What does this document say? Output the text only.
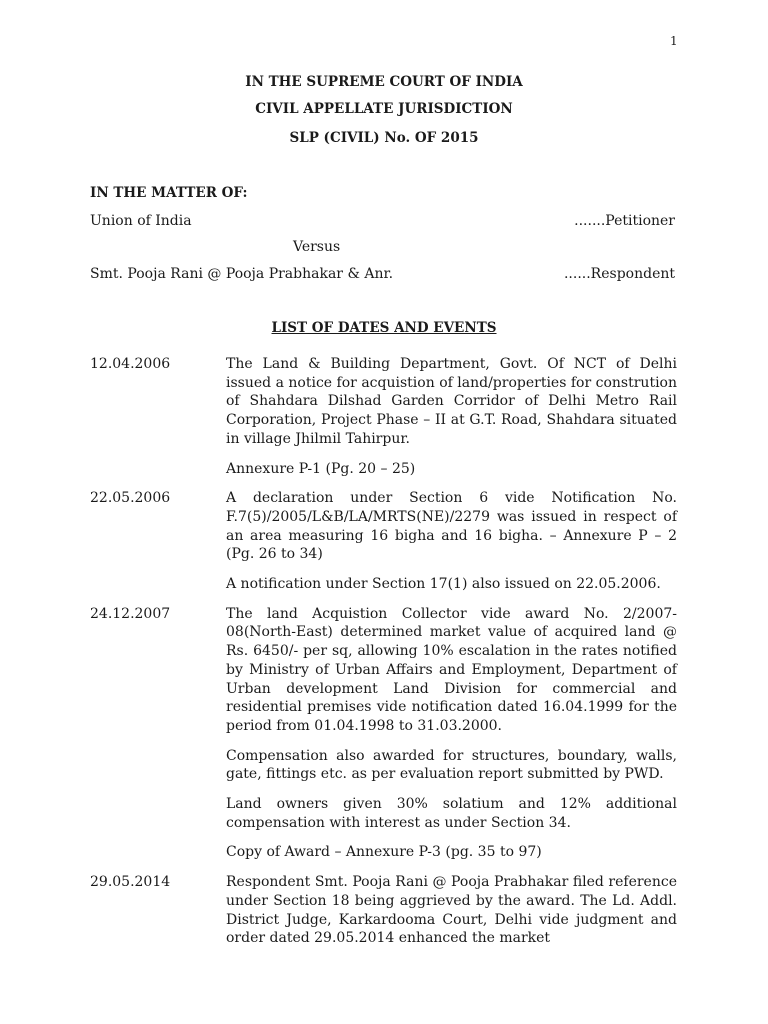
1
IN THE SUPREME COURT OF INDIA
CIVIL APPELLATE JURISDICTION
SLP (CIVIL) No. OF 2015
IN THE MATTER OF:
Union of India	.......Petitioner
Versus
Smt. Pooja Rani @ Pooja Prabhakar & Anr.	......Respondent
LIST OF DATES AND EVENTS
12.04.2006	The Land & Building Department, Govt. Of NCT of Delhi issued a notice for acquistion of land/properties for constrution of Shahdara Dilshad Garden Corridor of Delhi Metro Rail Corporation, Project Phase – II at G.T. Road, Shahdara situated in village Jhilmil Tahirpur.

Annexure P-1 (Pg. 20 – 25)

22.05.2006	A declaration under Section 6 vide Notification No. F.7(5)/2005/L&B/LA/MRTS(NE)/2279 was issued in respect of an area measuring 16 bigha and 16 bigha. – Annexure P – 2 (Pg. 26 to 34)

A notification under Section 17(1) also issued on 22.05.2006.

24.12.2007	The land Acquistion Collector vide award No. 2/2007-08(North-East) determined market value of acquired land @ Rs. 6450/- per sq, allowing 10% escalation in the rates notified by Ministry of Urban Affairs and Employment, Department of Urban development Land Division for commercial and residential premises vide notification dated 16.04.1999 for the period from 01.04.1998 to 31.03.2000.

Compensation also awarded for structures, boundary, walls, gate, fittings etc. as per evaluation report submitted by PWD.

Land owners given 30% solatium and 12% additional compensation with interest as under Section 34.

Copy of Award – Annexure P-3 (pg. 35 to 97)

29.05.2014	Respondent Smt. Pooja Rani @ Pooja Prabhakar filed reference under Section 18 being aggrieved by the award. The Ld. Addl. District Judge, Karkardooma Court, Delhi vide judgment and order dated 29.05.2014 enhanced the market
